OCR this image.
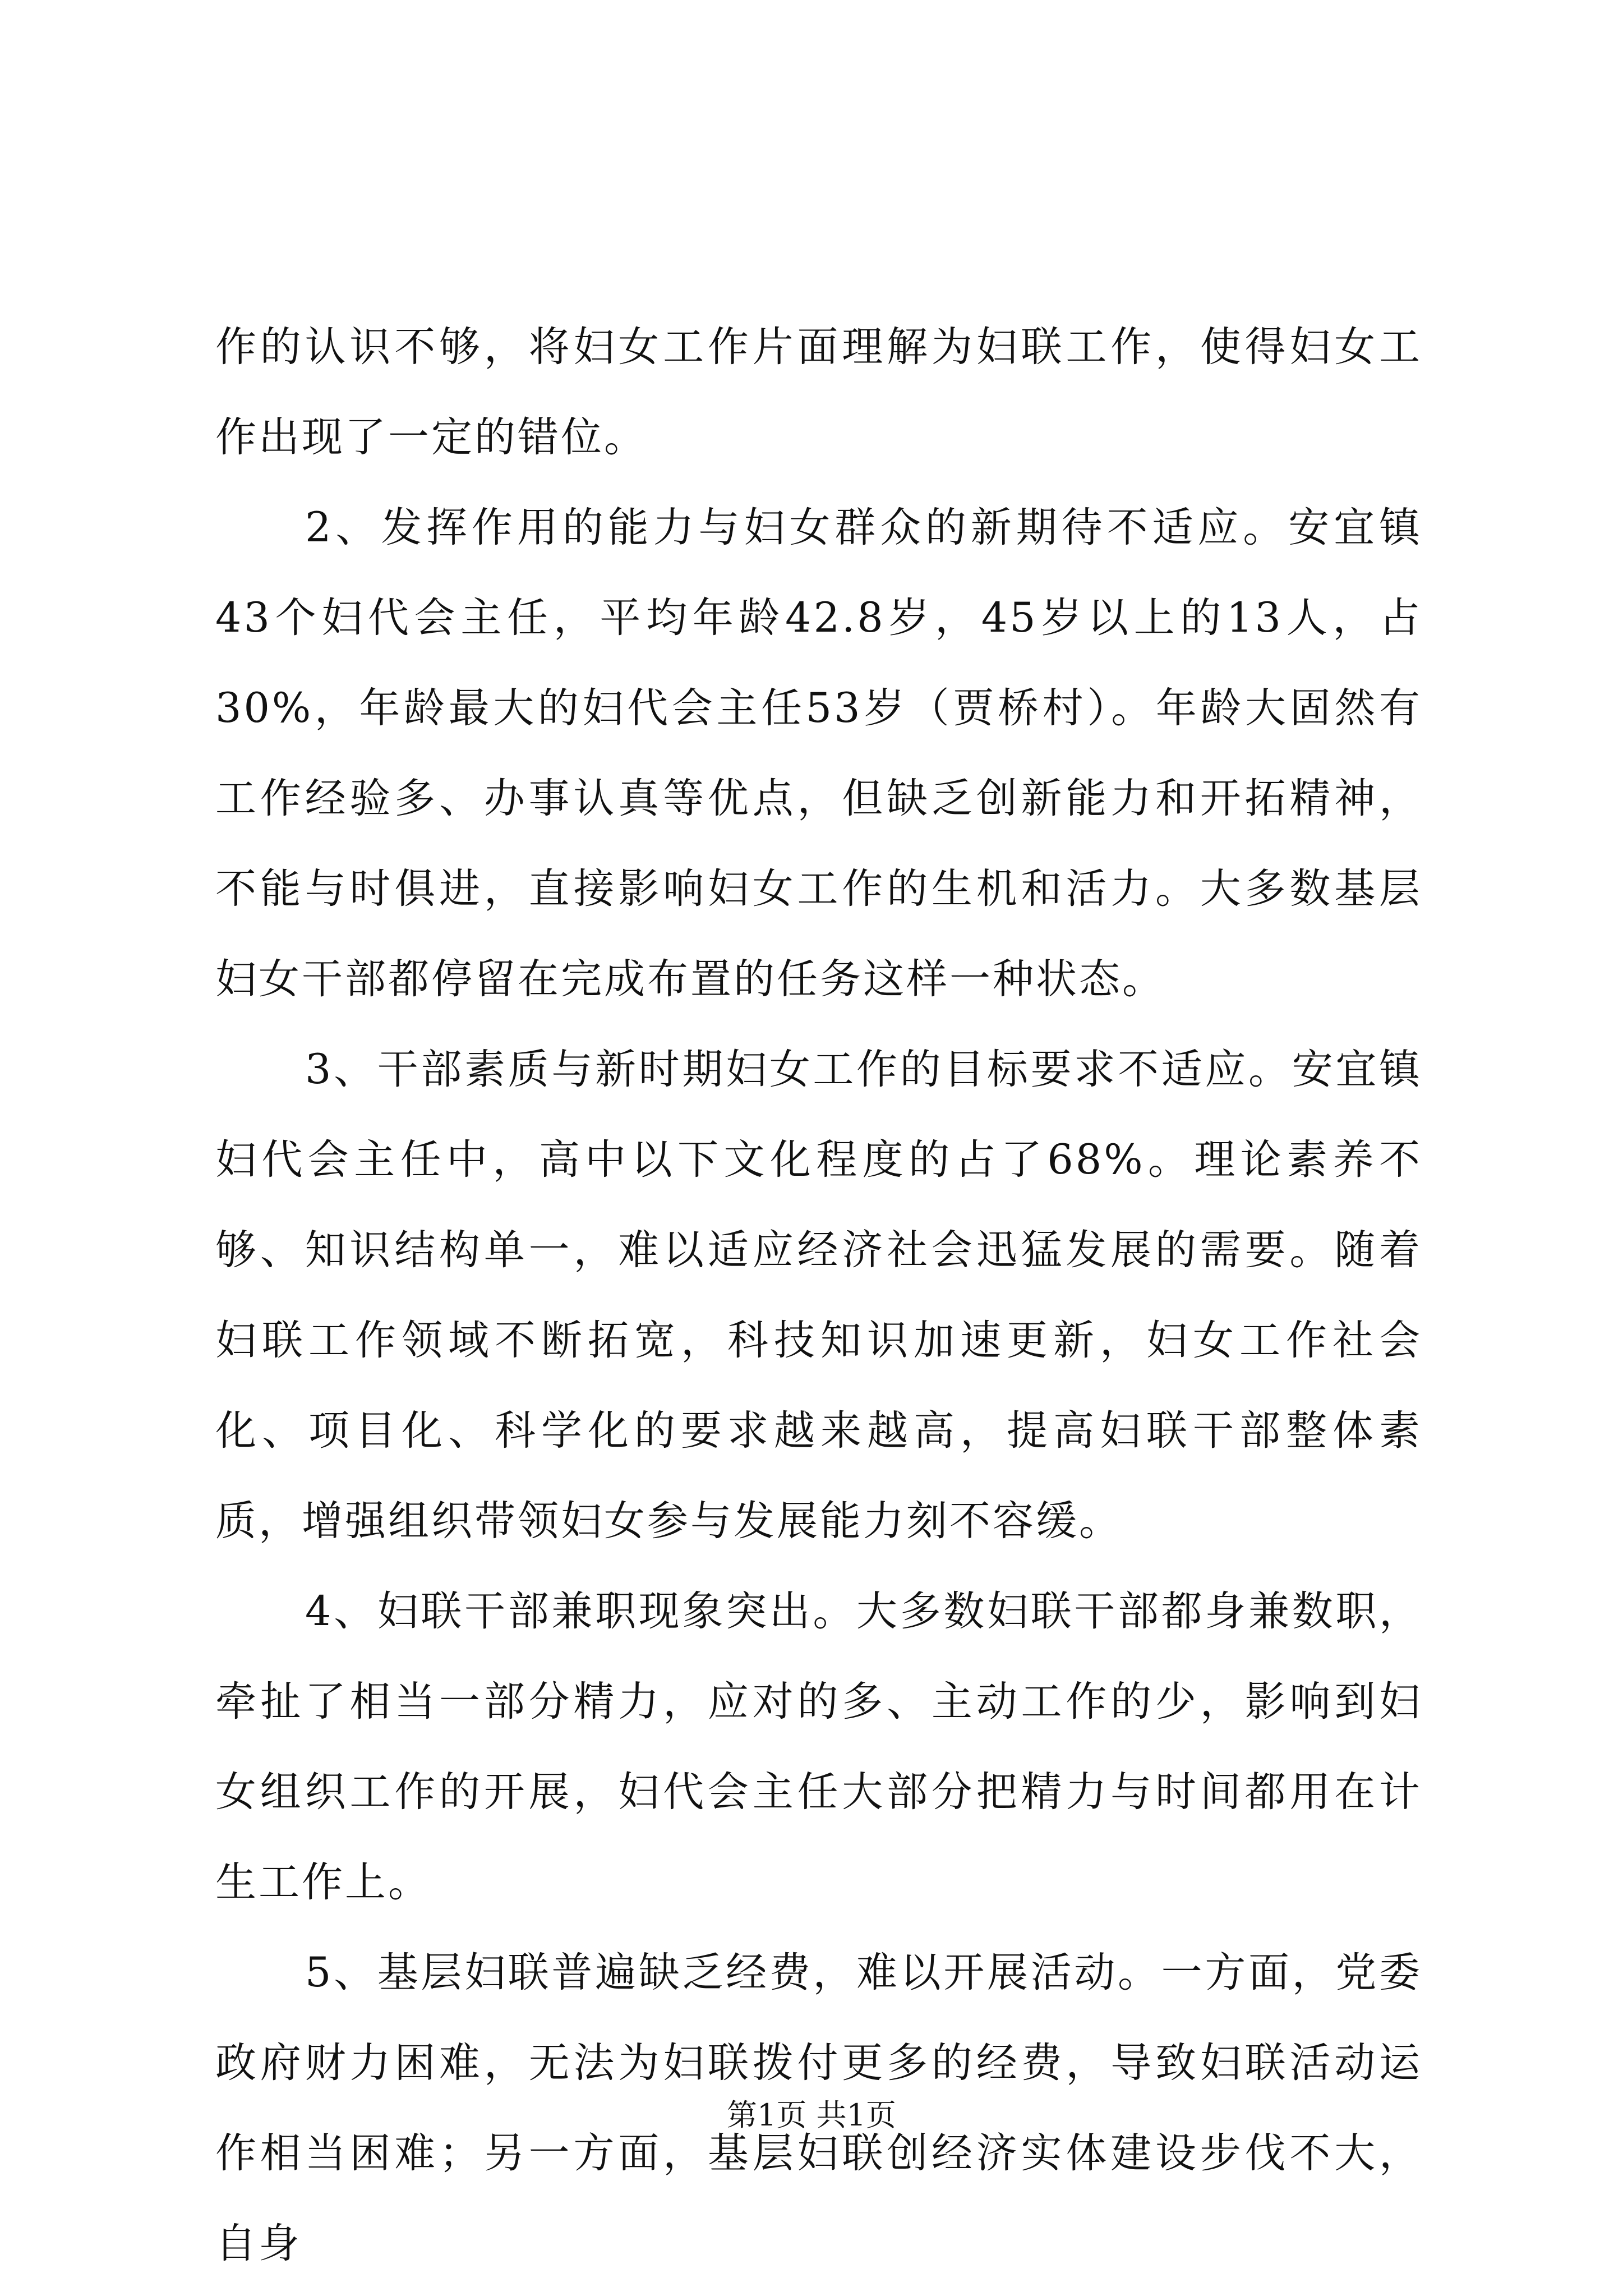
作的认识不够，将妇女工作片面理解为妇联工作，使得妇女工作出现了一定的错位。

2、发挥作用的能力与妇女群众的新期待不适应。安宜镇43个妇代会主任，平均年龄42.8岁，45岁以上的13人，占30%，年龄最大的妇代会主任53岁（贾桥村）。年龄大固然有工作经验多、办事认真等优点，但缺乏创新能力和开拓精神，不能与时俱进，直接影响妇女工作的生机和活力。大多数基层妇女干部都停留在完成布置的任务这样一种状态。

3、干部素质与新时期妇女工作的目标要求不适应。安宜镇妇代会主任中，高中以下文化程度的占了68%。理论素养不够、知识结构单一，难以适应经济社会迅猛发展的需要。随着妇联工作领域不断拓宽，科技知识加速更新，妇女工作社会化、项目化、科学化的要求越来越高，提高妇联干部整体素质，增强组织带领妇女参与发展能力刻不容缓。

4、妇联干部兼职现象突出。大多数妇联干部都身兼数职，牵扯了相当一部分精力，应对的多、主动工作的少，影响到妇女组织工作的开展，妇代会主任大部分把精力与时间都用在计生工作上。

5、基层妇联普遍缺乏经费，难以开展活动。一方面，党委政府财力困难，无法为妇联拨付更多的经费，导致妇联活动运作相当困难；另一方面，基层妇联创经济实体建设步伐不大，自身

第1页 共1页
